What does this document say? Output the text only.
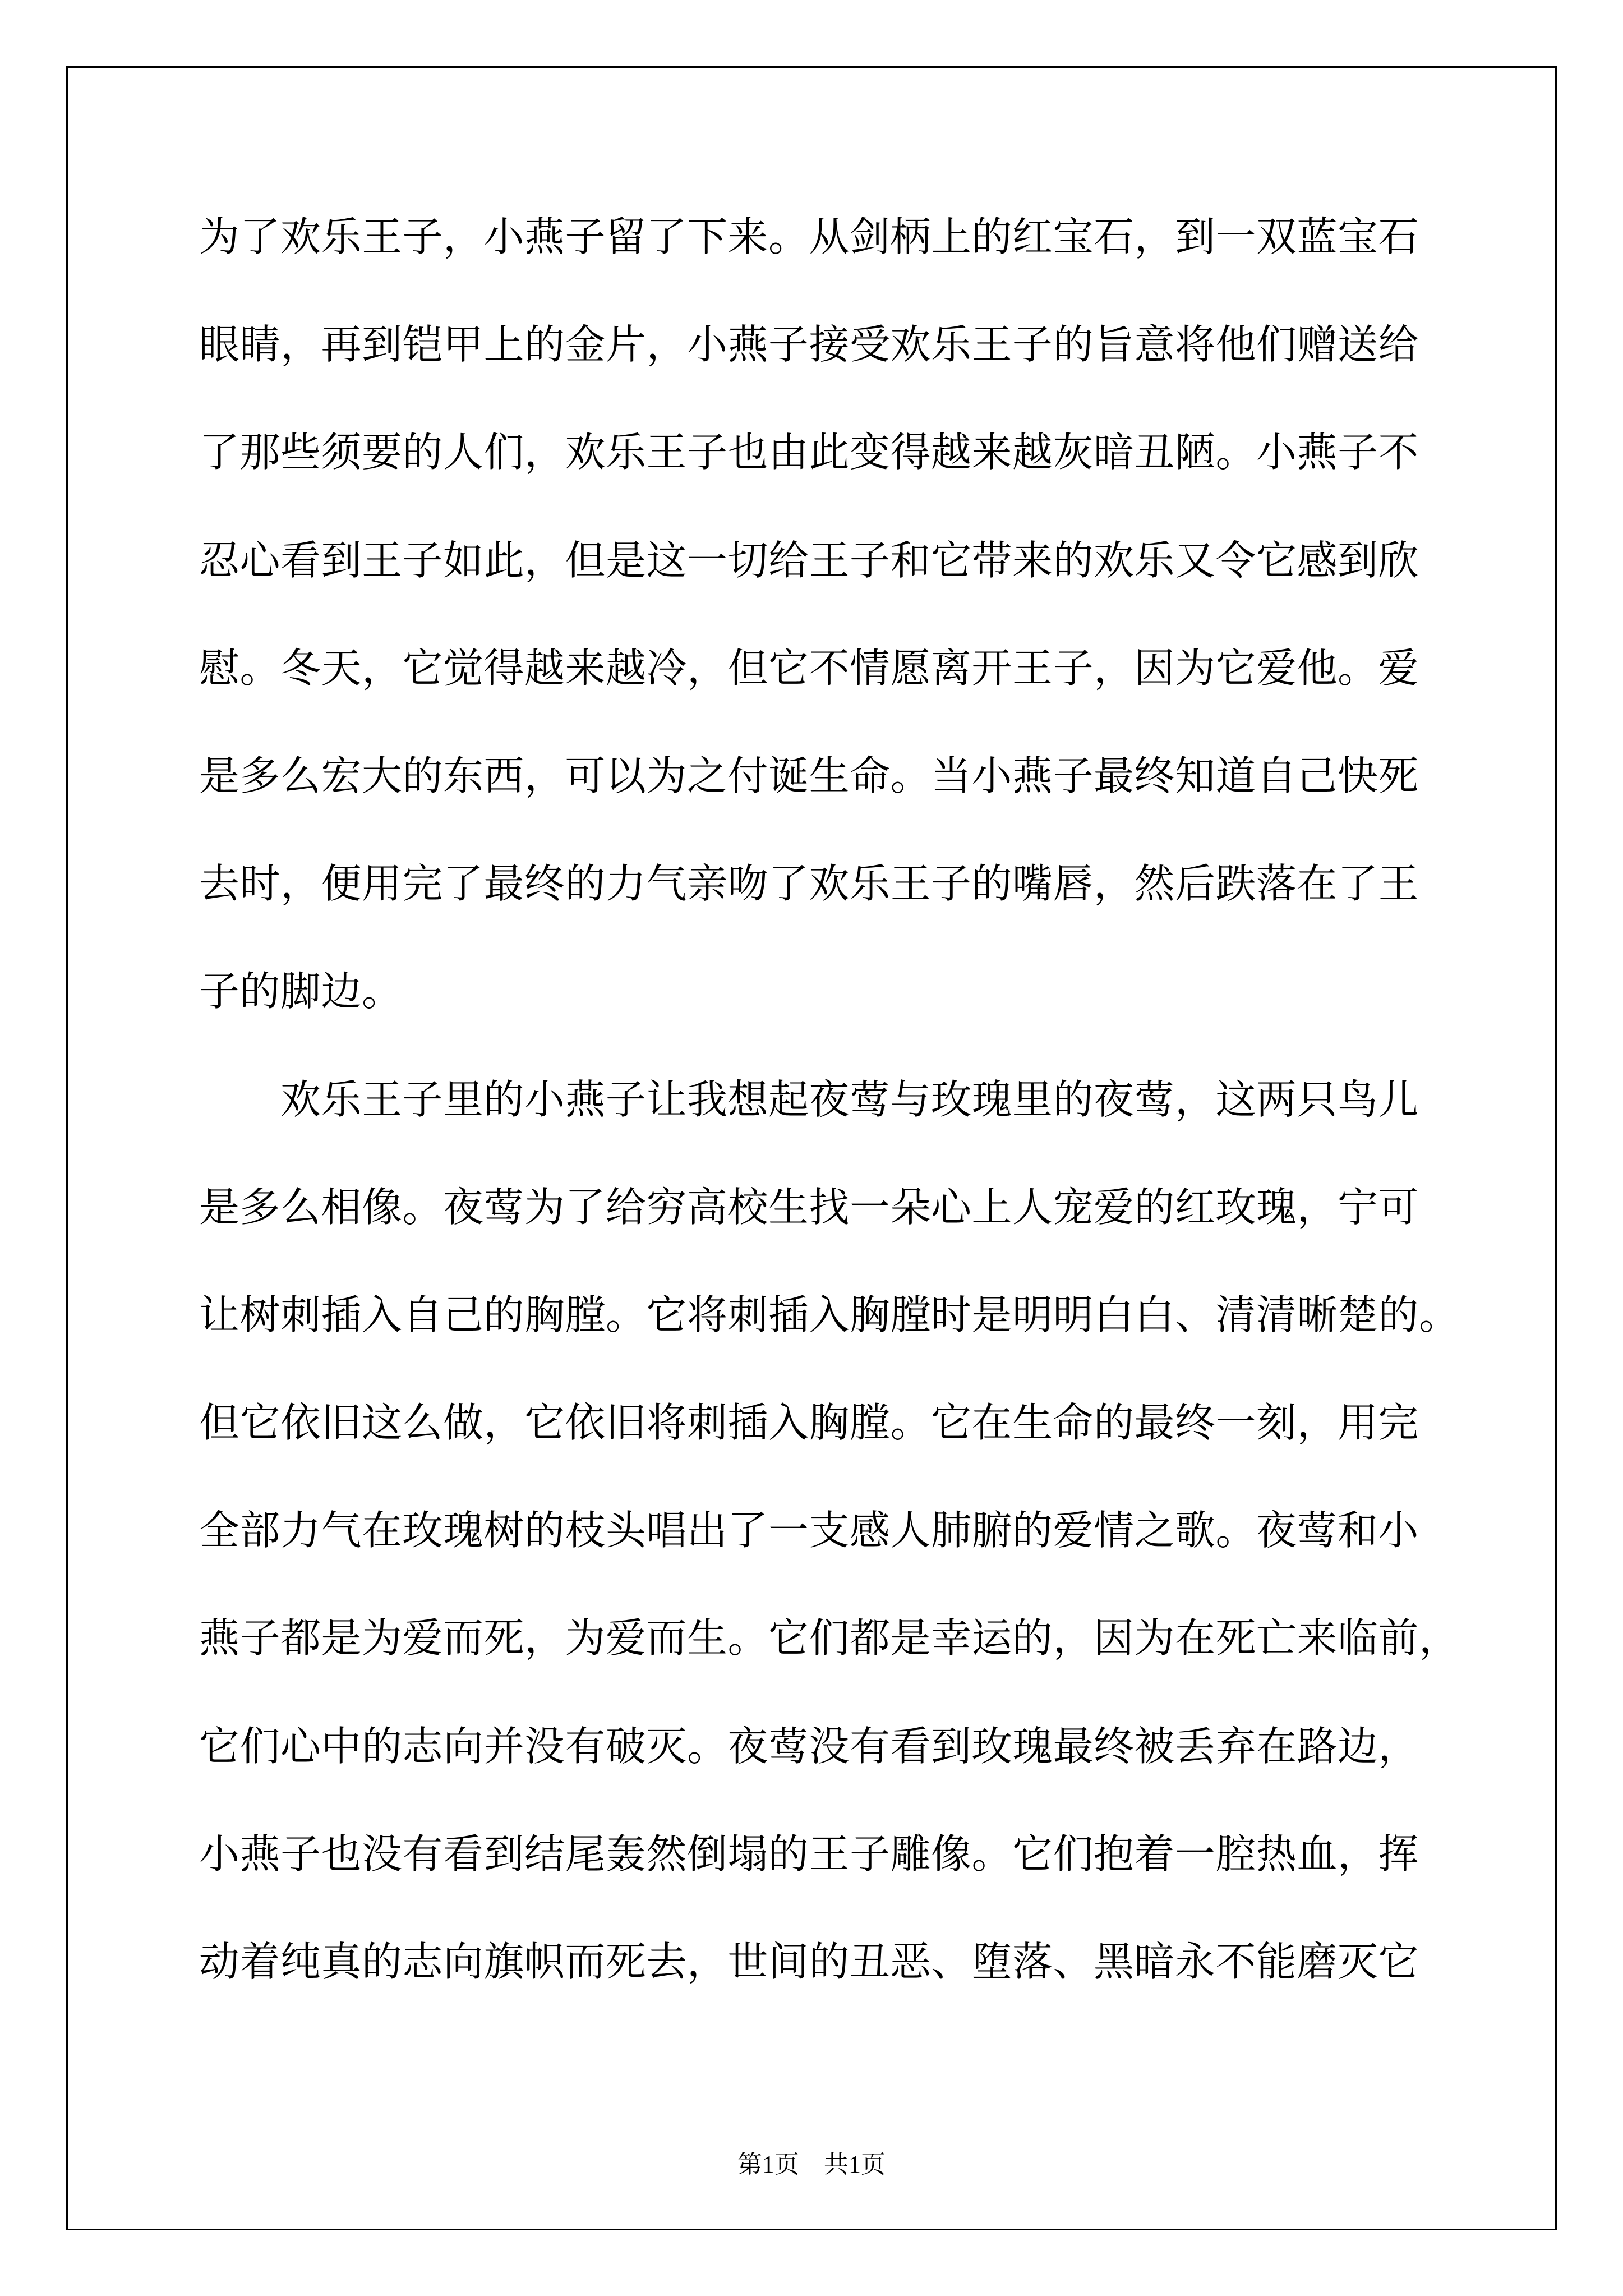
为了欢乐王子，小燕子留了下来。从剑柄上的红宝石，到一双蓝宝石
眼睛，再到铠甲上的金片，小燕子接受欢乐王子的旨意将他们赠送给
了那些须要的人们，欢乐王子也由此变得越来越灰暗丑陋。小燕子不
忍心看到王子如此，但是这一切给王子和它带来的欢乐又令它感到欣
慰。冬天，它觉得越来越冷，但它不情愿离开王子，因为它爱他。爱
是多么宏大的东西，可以为之付诞生命。当小燕子最终知道自己快死
去时，便用完了最终的力气亲吻了欢乐王子的嘴唇，然后跌落在了王
子的脚边。
　　欢乐王子里的小燕子让我想起夜莺与玫瑰里的夜莺，这两只鸟儿
是多么相像。夜莺为了给穷高校生找一朵心上人宠爱的红玫瑰，宁可
让树刺插入自己的胸膛。它将刺插入胸膛时是明明白白、清清晰楚的。
但它依旧这么做，它依旧将刺插入胸膛。它在生命的最终一刻，用完
全部力气在玫瑰树的枝头唱出了一支感人肺腑的爱情之歌。夜莺和小
燕子都是为爱而死，为爱而生。它们都是幸运的，因为在死亡来临前，
它们心中的志向并没有破灭。夜莺没有看到玫瑰最终被丢弃在路边，
小燕子也没有看到结尾轰然倒塌的王子雕像。它们抱着一腔热血，挥
动着纯真的志向旗帜而死去，世间的丑恶、堕落、黑暗永不能磨灭它
第1页　共1页
